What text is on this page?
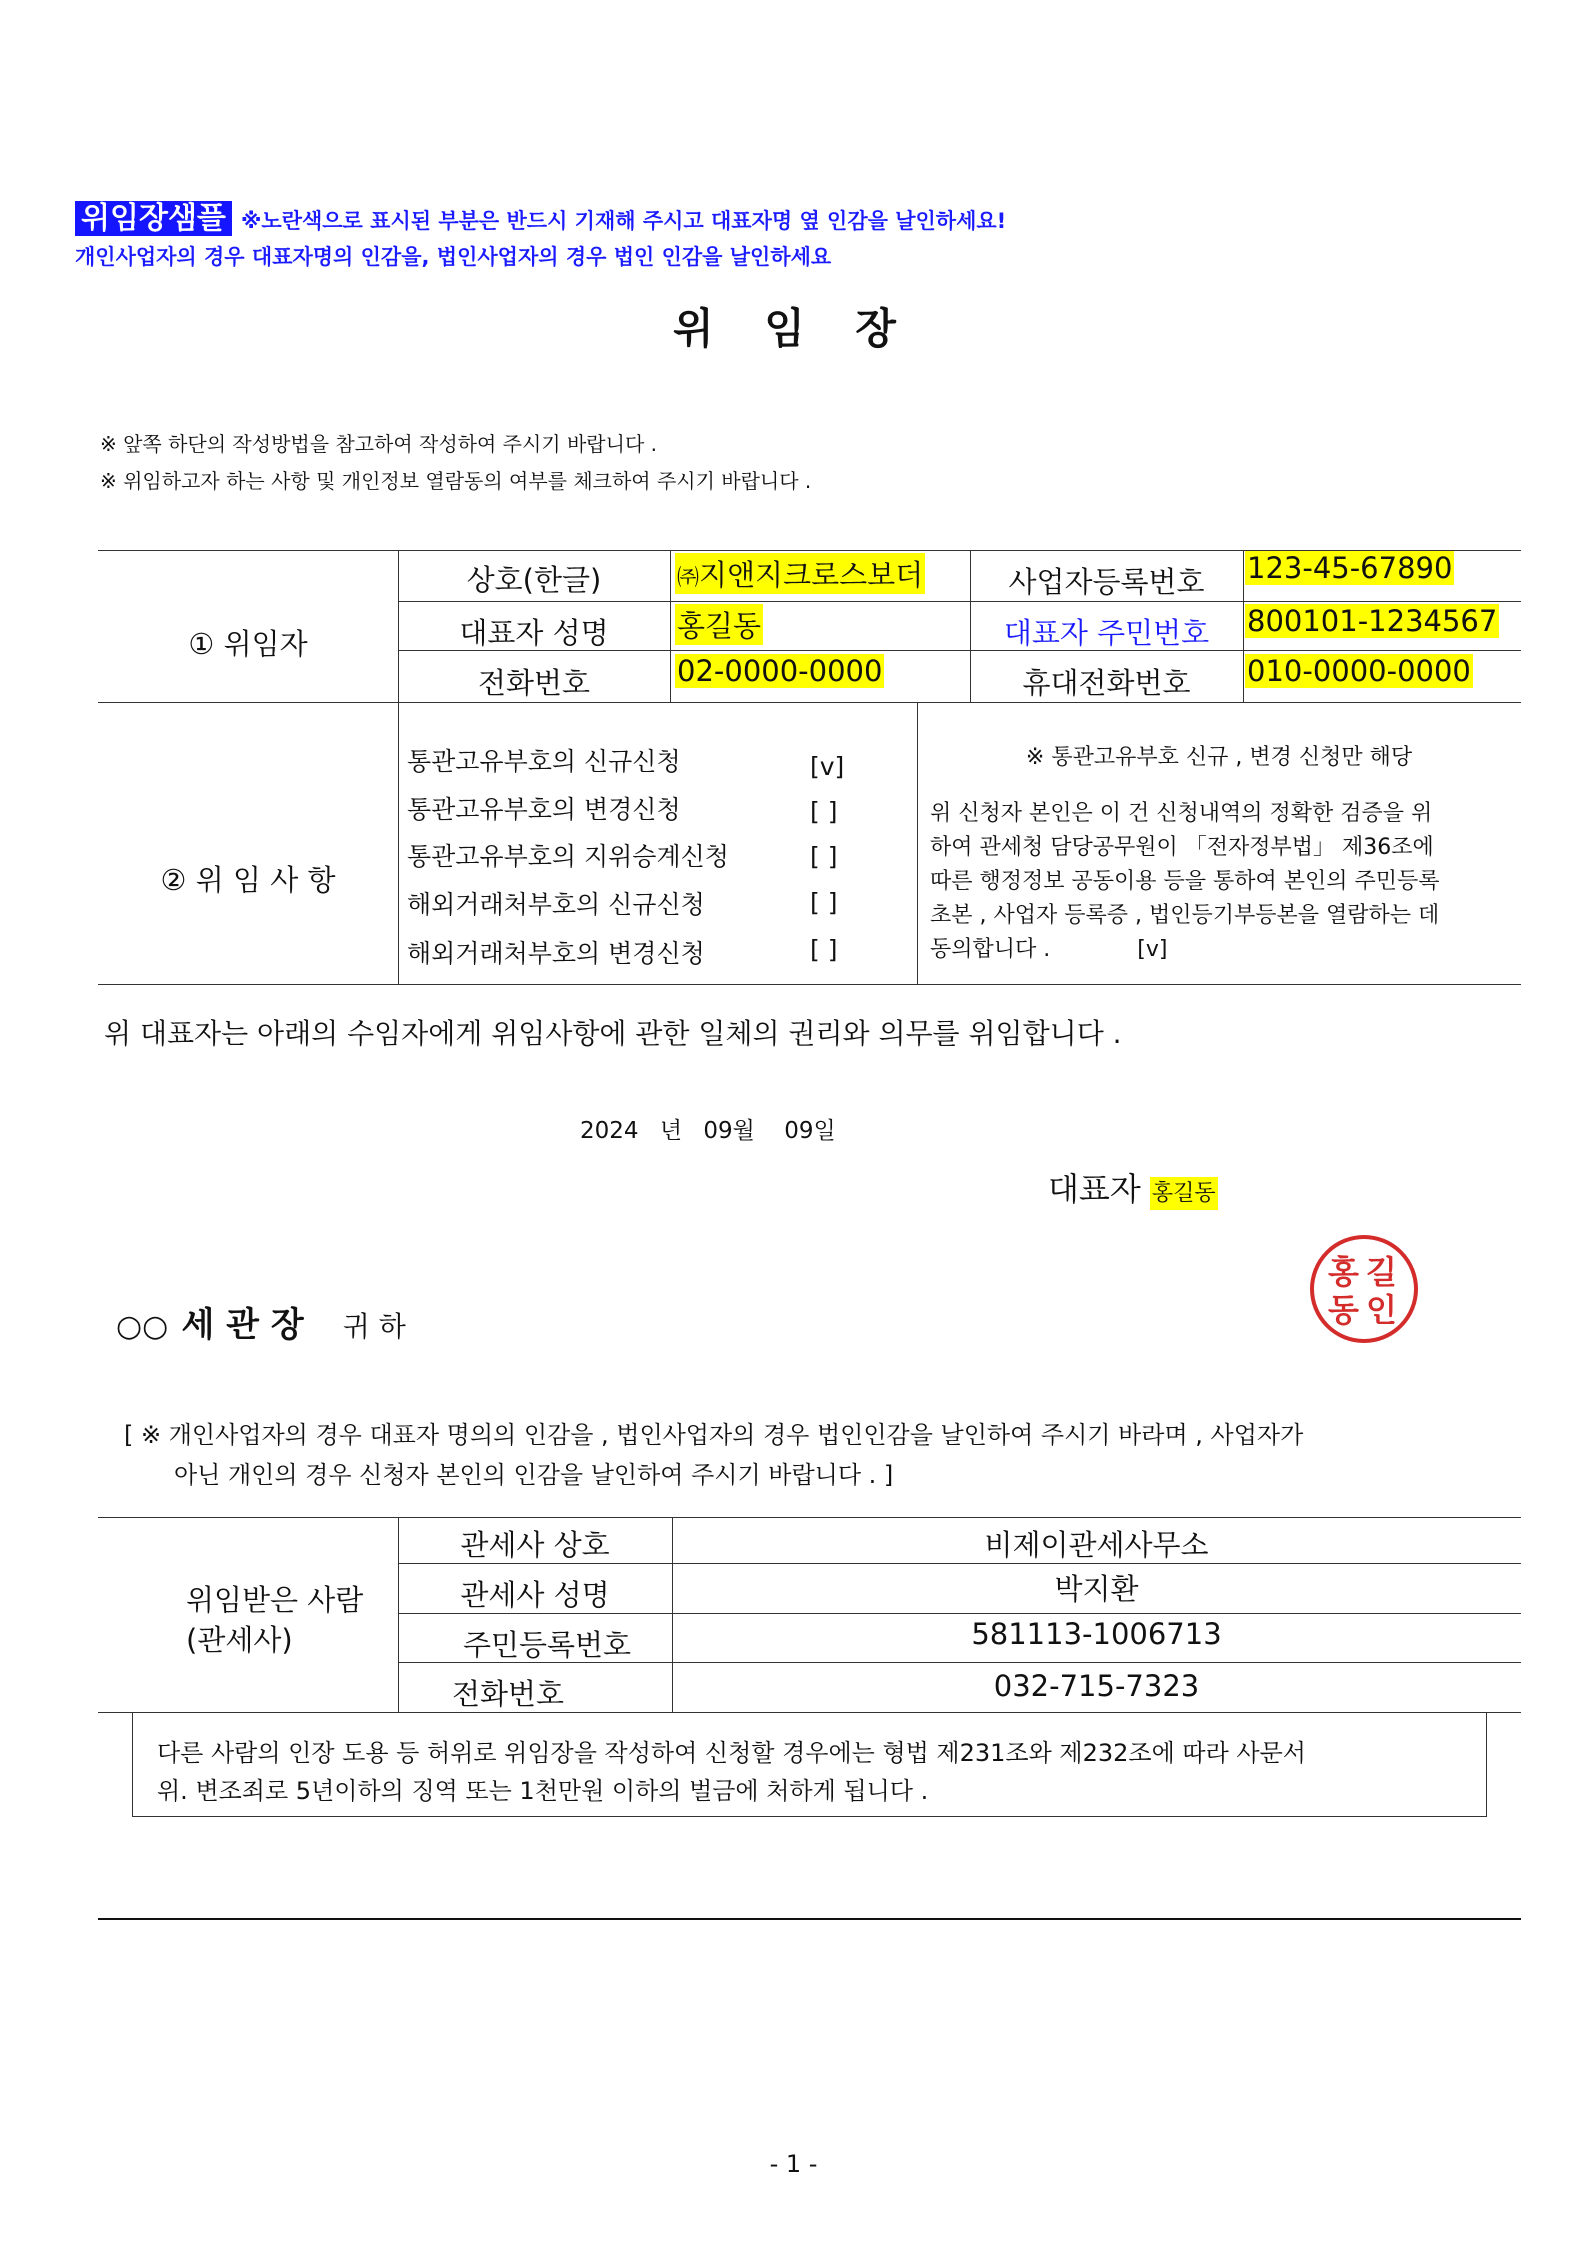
위임장샘플 ※노란색으로 표시된 부분은 반드시 기재해 주시고 대표자명 옆 인감을 날인하세요!
개인사업자의 경우 대표자명의 인감을, 법인사업자의 경우 법인 인감을 날인하세요
위 임 장
※ 앞쪽 하단의 작성방법을 참고하여 작성하여 주시기 바랍니다 .
※ 위임하고자 하는 사항 및 개인정보 열람동의 여부를 체크하여 주시기 바랍니다 .
① 위임자
상호(한글)	㈜지앤지크로스보더	사업자등록번호	123-45-67890
대표자 성명	홍길동	대표자 주민번호	800101-1234567
전화번호	02-0000-0000	휴대전화번호	010-0000-0000
② 위 임 사 항
통관고유부호의 신규신청	[v]
통관고유부호의 변경신청	[ ]
통관고유부호의 지위승계신청	[ ]
해외거래처부호의 신규신청	[ ]
해외거래처부호의 변경신청	[ ]
※ 통관고유부호 신규 , 변경 신청만 해당
위 신청자 본인은 이 건 신청내역의 정확한 검증을 위
하여 관세청 담당공무원이 「전자정부법」 제36조에
따른 행정정보 공동이용 등을 통하여 본인의 주민등록
초본 , 사업자 등록증 , 법인등기부등본을 열람하는 데
동의합니다 .	[v]
위 대표자는 아래의 수임자에게 위임사항에 관한 일체의 권리와 의무를 위임합니다 .
2024 년 09월 09일
대표자 홍길동
홍 길
동 인
○○ 세 관 장 귀 하
[ ※ 개인사업자의 경우 대표자 명의의 인감을 , 법인사업자의 경우 법인인감을 날인하여 주시기 바라며 , 사업자가
아닌 개인의 경우 신청자 본인의 인감을 날인하여 주시기 바랍니다 . ]
위임받은 사람
(관세사)
관세사 상호	비제이관세사무소
관세사 성명	박지환
주민등록번호	581113-1006713
전화번호	032-715-7323
다른 사람의 인장 도용 등 허위로 위임장을 작성하여 신청할 경우에는 형법 제231조와 제232조에 따라 사문서
위. 변조죄로 5년이하의 징역 또는 1천만원 이하의 벌금에 처하게 됩니다 .
- 1 -
